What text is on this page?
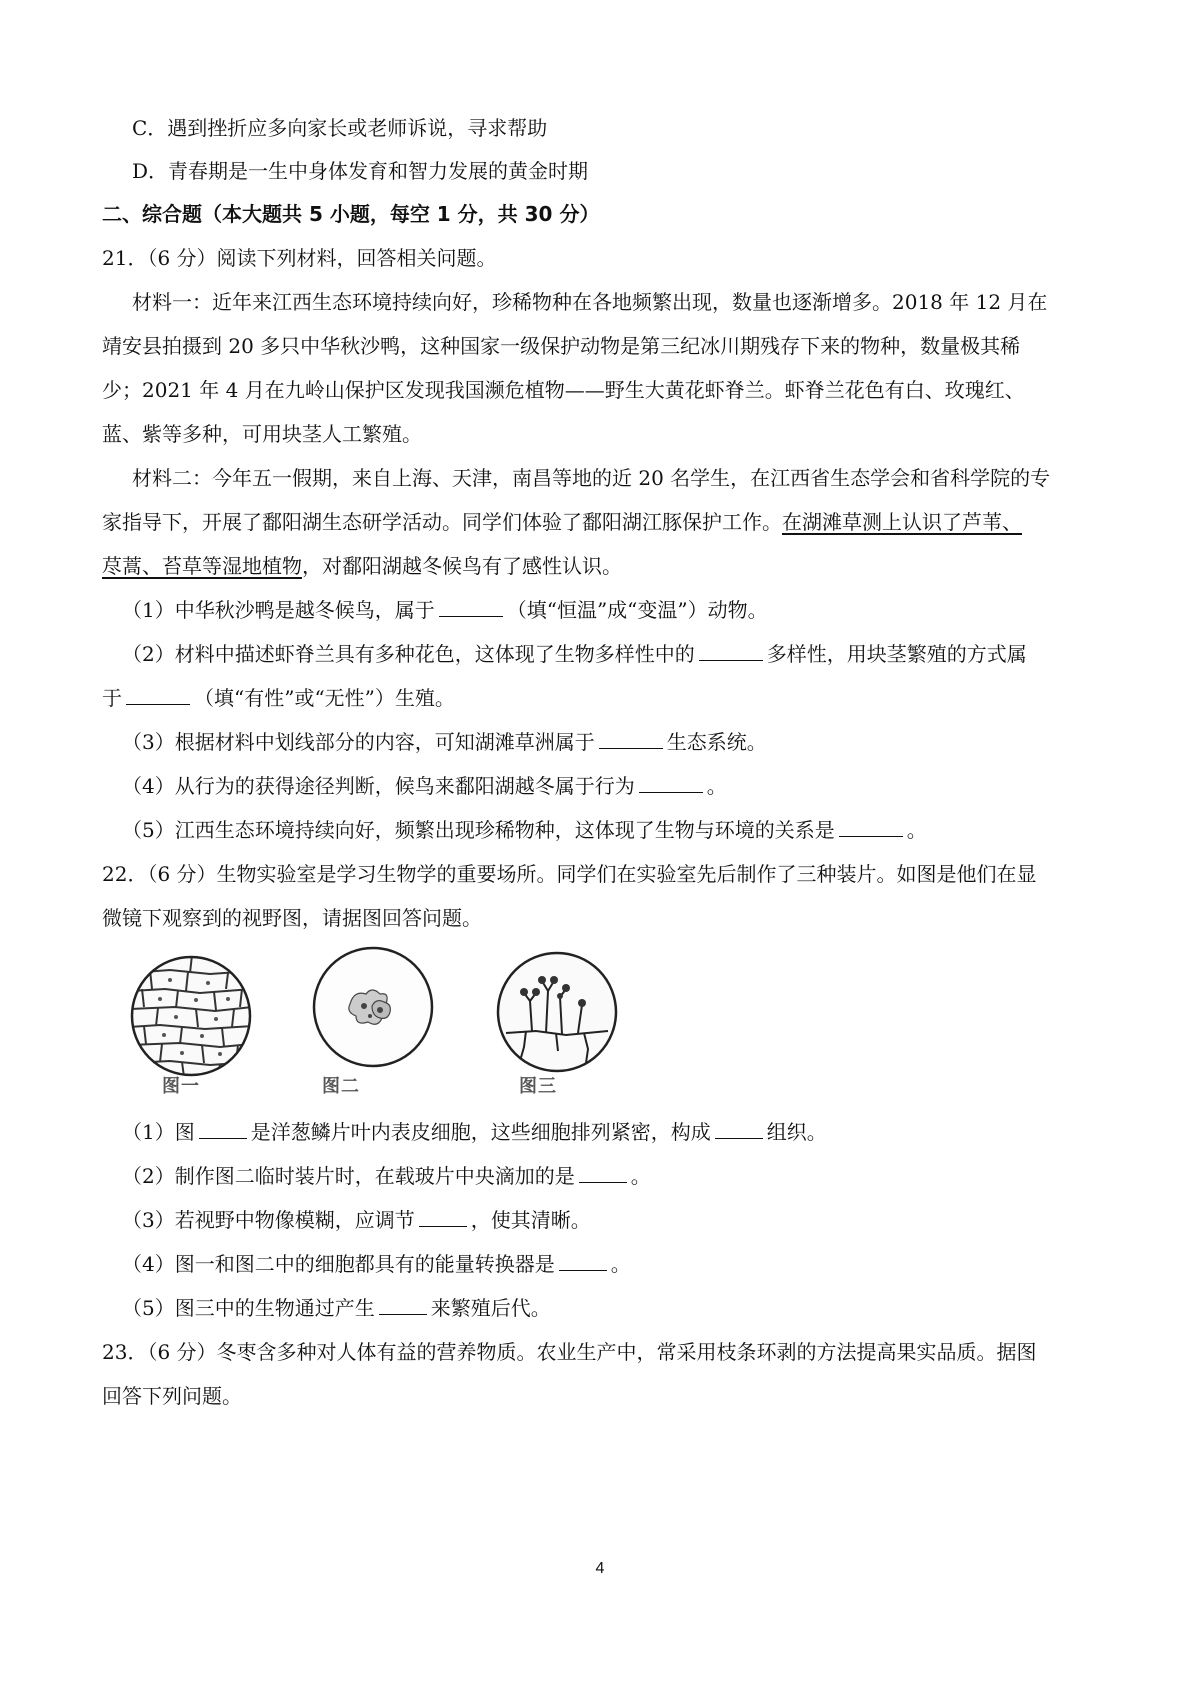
C．遇到挫折应多向家长或老师诉说，寻求帮助
D．青春期是一生中身体发育和智力发展的黄金时期
二、综合题（本大题共 5 小题，每空 1 分，共 30 分）
21．（6 分）阅读下列材料，回答相关问题。
材料一：近年来江西生态环境持续向好，珍稀物种在各地频繁出现，数量也逐渐增多。2018 年 12 月在
靖安县拍摄到 20 多只中华秋沙鸭，这种国家一级保护动物是第三纪冰川期残存下来的物种，数量极其稀
少；2021 年 4 月在九岭山保护区发现我国濒危植物——野生大黄花虾脊兰。虾脊兰花色有白、玫瑰红、
蓝、紫等多种，可用块茎人工繁殖。
材料二：今年五一假期，来自上海、天津，南昌等地的近 20 名学生，在江西省生态学会和省科学院的专
家指导下，开展了鄱阳湖生态研学活动。同学们体验了鄱阳湖江豚保护工作。在湖滩草测上认识了芦苇、
荩蒿、苔草等湿地植物，对鄱阳湖越冬候鸟有了感性认识。
（1）中华秋沙鸭是越冬候鸟，属于	（填“恒温”成“变温”）动物。
（2）材料中描述虾脊兰具有多种花色，这体现了生物多样性中的	多样性，用块茎繁殖的方式属
于	（填“有性”或“无性”）生殖。
（3）根据材料中划线部分的内容，可知湖滩草洲属于	生态系统。
（4）从行为的获得途径判断，候鸟来鄱阳湖越冬属于行为	。
（5）江西生态环境持续向好，频繁出现珍稀物种，这体现了生物与环境的关系是	。
22．（6 分）生物实验室是学习生物学的重要场所。同学们在实验室先后制作了三种装片。如图是他们在显
微镜下观察到的视野图，请据图回答问题。
图一	图二	图三
（1）图	是洋葱鳞片叶内表皮细胞，这些细胞排列紧密，构成	组织。
（2）制作图二临时装片时，在载玻片中央滴加的是	。
（3）若视野中物像模糊，应调节	，使其清晰。
（4）图一和图二中的细胞都具有的能量转换器是	。
（5）图三中的生物通过产生	来繁殖后代。
23．（6 分）冬枣含多种对人体有益的营养物质。农业生产中，常采用枝条环剥的方法提高果实品质。据图
回答下列问题。
4
